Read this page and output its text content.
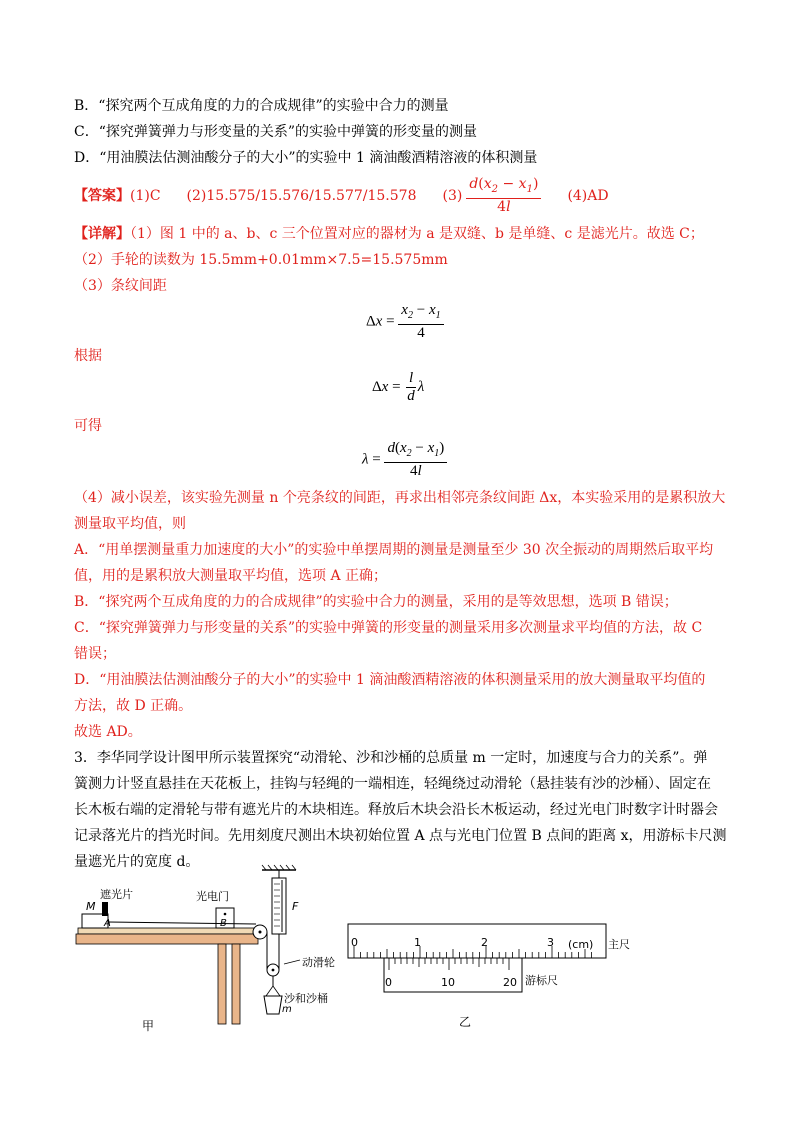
B．“探究两个互成角度的力的合成规律”的实验中合力的测量
C．“探究弹簧弹力与形变量的关系”的实验中弹簧的形变量的测量
D．“用油膜法估测油酸分子的大小”的实验中 1 滴油酸酒精溶液的体积测量
【答案】 (1)C (2)15.575/15.576/15.577/15.578 $(3) \frac{d(x_2 - x_1)}{4l} (4)AD$
【详解】（1）图 1 中的 a、b、c 三个位置对应的器材为 a 是双缝、b 是单缝、c 是滤光片。故选 C；
（2）手轮的读数为 15.5mm+0.01mm×7.5=15.575mm
（3）条纹间距
$\Delta x = \frac{x_2 - x_1}{4}$
根据
$\Delta x = \frac{l}{d}$ λ
可得
$\lambda = \frac{d(x_2 - x_1)}{4l}$
（4）减小误差，该实验先测量 n 个亮条纹的间距，再求出相邻亮条纹间距 Δx，本实验采用的是累积放大
测量取平均值，则
A．“用单摆测量重力加速度的大小”的实验中单摆周期的测量是测量至少 30 次全振动的周期然后取平均
值，用的是累积放大测量取平均值，选项 A 正确；
B．“探究两个互成角度的力的合成规律”的实验中合力的测量，采用的是等效思想，选项 B 错误；
C．“探究弹簧弹力与形变量的关系”的实验中弹簧的形变量的测量采用多次测量求平均值的方法，故 C
错误；
D．“用油膜法估测油酸分子的大小”的实验中 1 滴油酸酒精溶液的体积测量采用的放大测量取平均值的
方法，故 D 正确。
故选 AD。
3．李华同学设计图甲所示装置探究“动滑轮、沙和沙桶的总质量 m 一定时，加速度与合力的关系”。弹
簧测力计竖直悬挂在天花板上，挂钩与轻绳的一端相连，轻绳绕过动滑轮（悬挂装有沙的沙桶）、固定在
长木板右端的定滑轮与带有遮光片的木块相连。释放后木块会沿长木板运动，经过光电门时数字计时器会
记录落光片的挡光时间。先用刻度尺测出木块初始位置 A 点与光电门位置 B 点间的距离 x，用游标卡尺测
量遮光片的宽度 d。
F
M
遮光片
A	B
光电门
动滑轮
沙和沙桶
m
甲
0	1	2	3 (cm) 主尺
0	10	20 游标尺
乙
